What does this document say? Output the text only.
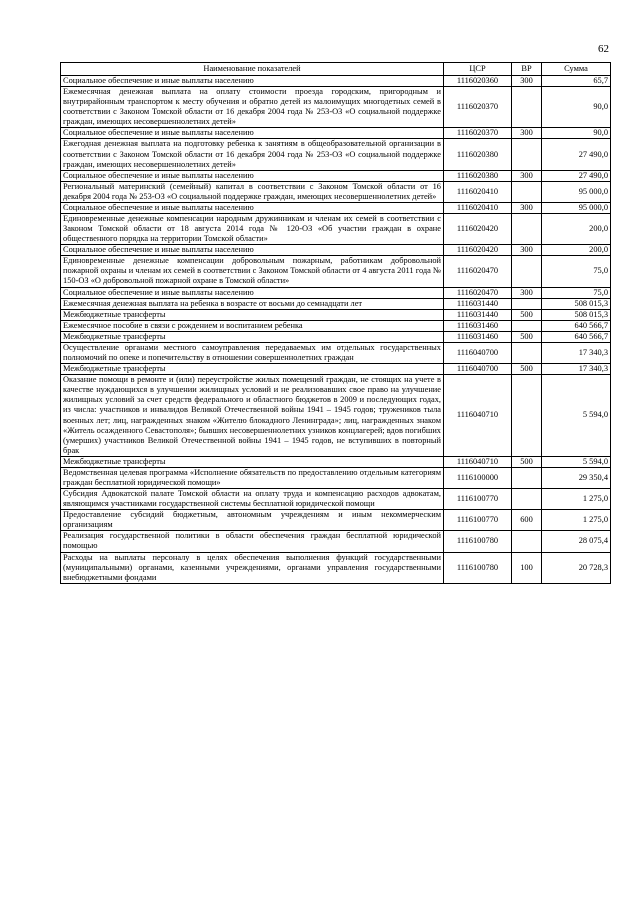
62
Наименование показателей	ЦСР	ВР	Сумма
Социальное обеспечение и иные выплаты населению	1116020360	300	65,7
Ежемесячная денежная выплата на оплату стоимости проезда городским, пригородным и внутрирайонным транспортом к месту обучения и обратно детей из малоимущих многодетных семей в соответствии с Законом Томской области от 16 декабря 2004 года № 253-ОЗ «О социальной поддержке граждан, имеющих несовершеннолетних детей»	1116020370		90,0
Социальное обеспечение и иные выплаты населению	1116020370	300	90,0
Ежегодная денежная выплата на подготовку ребенка к занятиям в общеобразовательной организации в соответствии с Законом Томской области от 16 декабря 2004 года № 253-ОЗ «О социальной поддержке граждан, имеющих несовершеннолетних детей»	1116020380		27 490,0
Социальное обеспечение и иные выплаты населению	1116020380	300	27 490,0
Региональный материнский (семейный) капитал в соответствии с Законом Томской области от 16 декабря 2004 года № 253-ОЗ «О социальной поддержке граждан, имеющих несовершеннолетних детей»	1116020410		95 000,0
Социальное обеспечение и иные выплаты населению	1116020410	300	95 000,0
Единовременные денежные компенсации народным дружинникам и членам их семей в соответствии с Законом Томской области от 18 августа 2014 года № 120-ОЗ «Об участии граждан в охране общественного порядка на территории Томской области»	1116020420		200,0
Социальное обеспечение и иные выплаты населению	1116020420	300	200,0
Единовременные денежные компенсации добровольным пожарным, работникам добровольной пожарной охраны и членам их семей в соответствии с Законом Томской области от 4 августа 2011 года № 150-ОЗ «О добровольной пожарной охране в Томской области»	1116020470		75,0
Социальное обеспечение и иные выплаты населению	1116020470	300	75,0
Ежемесячная денежная выплата на ребенка в возрасте от восьми до семнадцати лет	1116031440		508 015,3
Межбюджетные трансферты	1116031440	500	508 015,3
Ежемесячное пособие в связи с рождением и воспитанием ребенка	1116031460		640 566,7
Межбюджетные трансферты	1116031460	500	640 566,7
Осуществление органами местного самоуправления передаваемых им отдельных государственных полномочий по опеке и попечительству в отношении совершеннолетних граждан	1116040700		17 340,3
Межбюджетные трансферты	1116040700	500	17 340,3
Оказание помощи в ремонте и (или) переустройстве жилых помещений граждан, не стоящих на учете в качестве нуждающихся в улучшении жилищных условий и не реализовавших свое право на улучшение жилищных условий за счет средств федерального и областного бюджетов в 2009 и последующих годах, из числа: участников и инвалидов Великой Отечественной войны 1941 – 1945 годов; тружеников тыла военных лет; лиц, награжденных знаком «Жителю блокадного Ленинграда»; лиц, награжденных знаком «Житель осажденного Севастополя»; бывших несовершеннолетних узников концлагерей; вдов погибших (умерших) участников Великой Отечественной войны 1941 – 1945 годов, не вступивших в повторный брак	1116040710		5 594,0
Межбюджетные трансферты	1116040710	500	5 594,0
Ведомственная целевая программа «Исполнение обязательств по предоставлению отдельным категориям граждан бесплатной юридической помощи»	1116100000		29 350,4
Субсидия Адвокатской палате Томской области на оплату труда и компенсацию расходов адвокатам, являющимся участниками государственной системы бесплатной юридической помощи	1116100770		1 275,0
Предоставление субсидий бюджетным, автономным учреждениям и иным некоммерческим организациям	1116100770	600	1 275,0
Реализация государственной политики в области обеспечения граждан бесплатной юридической помощью	1116100780		28 075,4
Расходы на выплаты персоналу в целях обеспечения выполнения функций государственными (муниципальными) органами, казенными учреждениями, органами управления государственными внебюджетными фондами	1116100780	100	20 728,3
